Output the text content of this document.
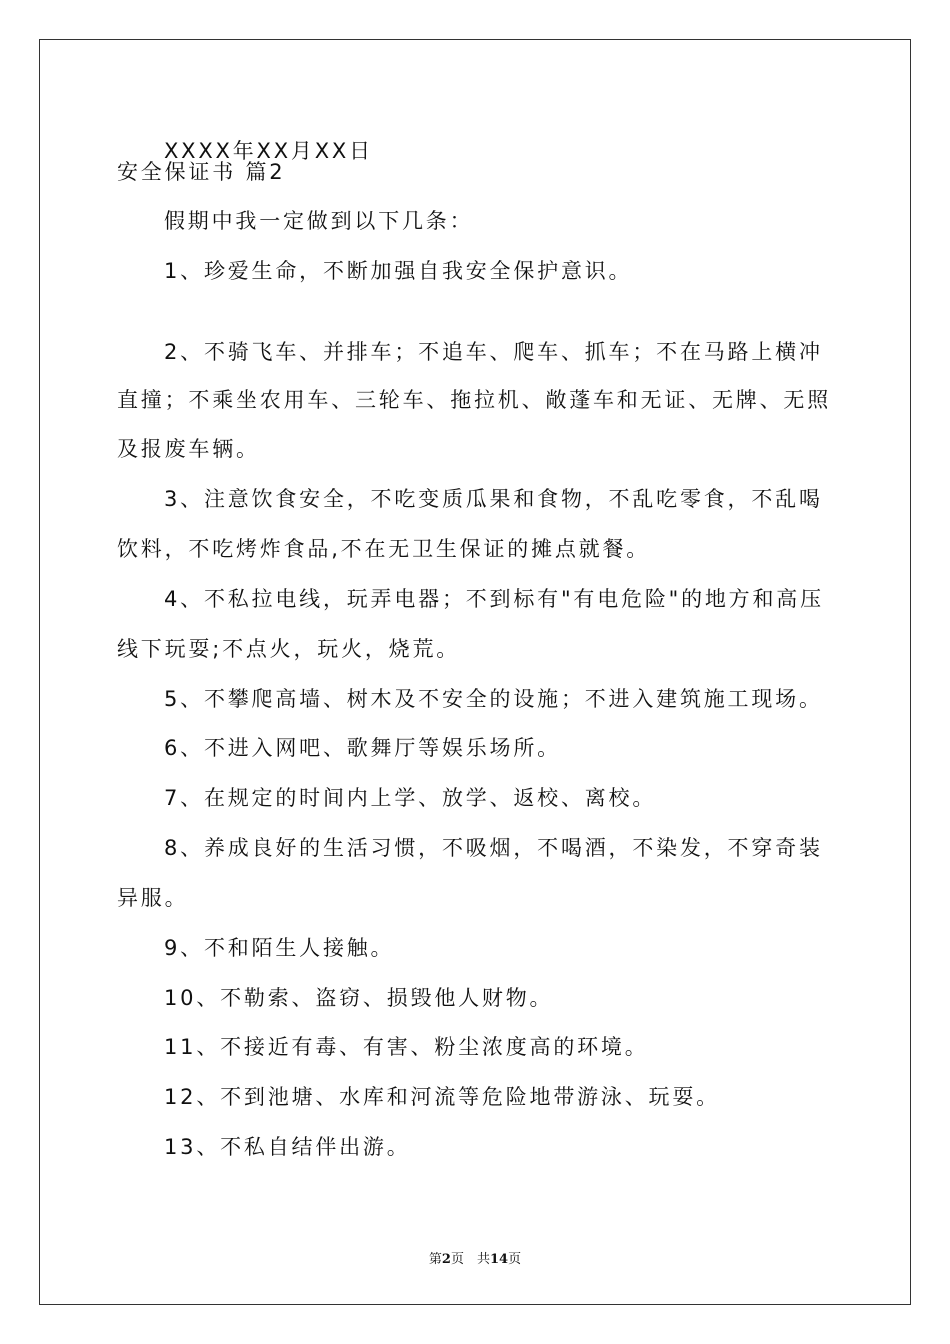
XXXX年XX月XX日
安全保证书 篇2
假期中我一定做到以下几条：
1、珍爱生命，不断加强自我安全保护意识。
2、不骑飞车、并排车；不追车、爬车、抓车；不在马路上横冲
直撞；不乘坐农用车、三轮车、拖拉机、敞蓬车和无证、无牌、无照
及报废车辆。
3、注意饮食安全，不吃变质瓜果和食物，不乱吃零食，不乱喝
饮料，不吃烤炸食品,不在无卫生保证的摊点就餐。
4、不私拉电线，玩弄电器；不到标有"有电危险"的地方和高压
线下玩耍;不点火，玩火，烧荒。
5、不攀爬高墙、树木及不安全的设施；不进入建筑施工现场。
6、不进入网吧、歌舞厅等娱乐场所。
7、在规定的时间内上学、放学、返校、离校。
8、养成良好的生活习惯，不吸烟，不喝酒，不染发，不穿奇装
异服。
9、不和陌生人接触。
10、不勒索、盗窃、损毁他人财物。
11、不接近有毒、有害、粉尘浓度高的环境。
12、不到池塘、水库和河流等危险地带游泳、玩耍。
13、不私自结伴出游。
第2页　共14页
